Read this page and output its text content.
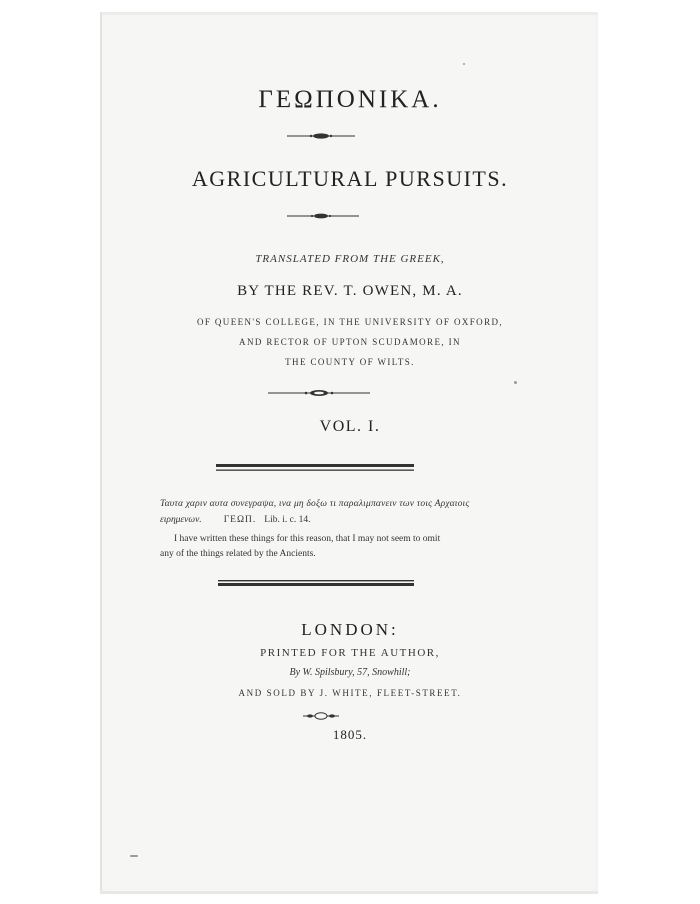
ΓΕΩΠΟΝΙΚΑ.
AGRICULTURAL PURSUITS.
TRANSLATED FROM THE GREEK,
BY THE REV. T. OWEN, M. A.
OF QUEEN'S COLLEGE, IN THE UNIVERSITY OF OXFORD,
AND RECTOR OF UPTON SCUDAMORE, IN
THE COUNTY OF WILTS.
VOL. I.
Ταυτα χαριν αυτα συνεγραψα, ινα μη δοξω τι παραλιμπανειν των τοις Αρχαιοις
ειρημενων. ΓΕΩΠ. Lib. i. c. 14.
I have written these things for this reason, that I may not seem to omit
any of the things related by the Ancients.
LONDON:
PRINTED FOR THE AUTHOR,
By W. Spilsbury, 57, Snowhill;
AND SOLD BY J. WHITE, FLEET-STREET.
1805.
